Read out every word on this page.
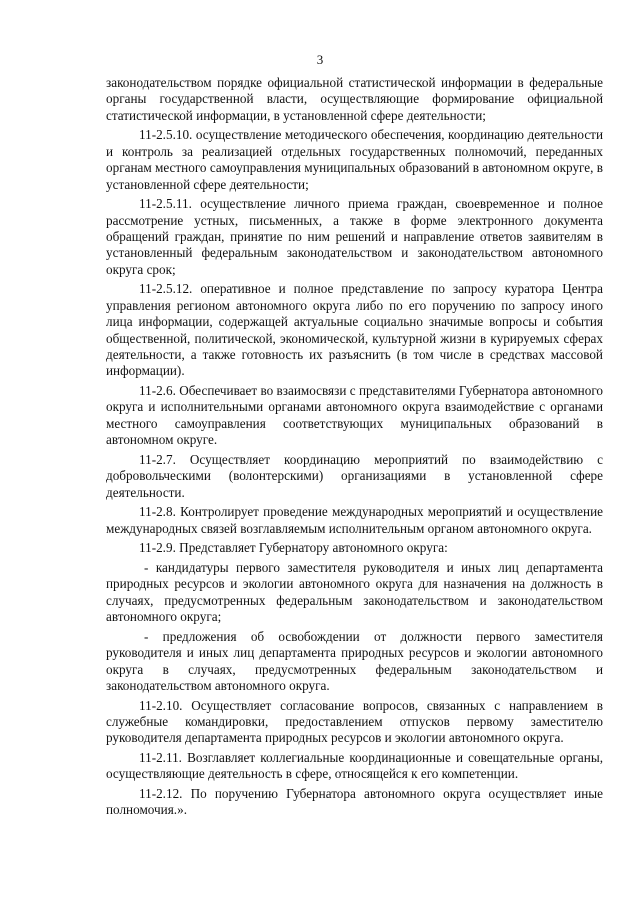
3

законодательством порядке официальной статистической информации в федеральные органы государственной власти, осуществляющие формирование официальной статистической информации, в установленной сфере деятельности;

11-2.5.10. осуществление методического обеспечения, координацию деятельности и контроль за реализацией отдельных государственных полномочий, переданных органам местного самоуправления муниципальных образований в автономном округе, в установленной сфере деятельности;

11-2.5.11. осуществление личного приема граждан, своевременное и полное рассмотрение устных, письменных, а также в форме электронного документа обращений граждан, принятие по ним решений и направление ответов заявителям в установленный федеральным законодательством и законодательством автономного округа срок;

11-2.5.12. оперативное и полное представление по запросу куратора Центра управления регионом автономного округа либо по его поручению по запросу иного лица информации, содержащей актуальные социально значимые вопросы и события общественной, политической, экономической, культурной жизни в курируемых сферах деятельности, а также готовность их разъяснить (в том числе в средствах массовой информации).

11-2.6. Обеспечивает во взаимосвязи с представителями Губернатора автономного округа и исполнительными органами автономного округа взаимодействие с органами местного самоуправления соответствующих муниципальных образований в автономном округе.

11-2.7. Осуществляет координацию мероприятий по взаимодействию с добровольческими (волонтерскими) организациями в установленной сфере деятельности.

11-2.8. Контролирует проведение международных мероприятий и осуществление международных связей возглавляемым исполнительным органом автономного округа.

11-2.9. Представляет Губернатору автономного округа:

- кандидатуры первого заместителя руководителя и иных лиц департамента природных ресурсов и экологии автономного округа для назначения на должность в случаях, предусмотренных федеральным законодательством и законодательством автономного округа;

- предложения об освобождении от должности первого заместителя руководителя и иных лиц департамента природных ресурсов и экологии автономного округа в случаях, предусмотренных федеральным законодательством и законодательством автономного округа.

11-2.10. Осуществляет согласование вопросов, связанных с направлением в служебные командировки, предоставлением отпусков первому заместителю руководителя департамента природных ресурсов и экологии автономного округа.

11-2.11. Возглавляет коллегиальные координационные и совещательные органы, осуществляющие деятельность в сфере, относящейся к его компетенции.

11-2.12. По поручению Губернатора автономного округа осуществляет иные полномочия.».
